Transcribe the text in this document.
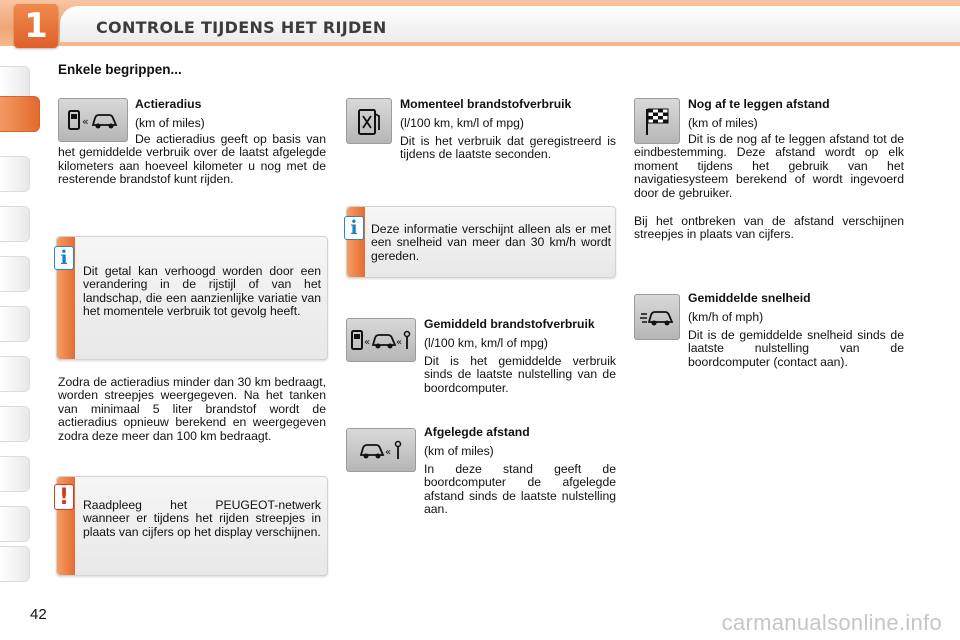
1	CONTROLE TIJDENS HET RIJDEN
Enkele begrippen...
«
Actieradius
(km of miles)
De actieradius geeft op basis van het gemiddelde verbruik over de laatst afgelegde kilometers aan hoeveel kilometer u nog met de resterende brandstof kunt rijden.
Dit getal kan verhoogd worden door een verandering in de rijstijl of van het landschap, die een aanzienlijke variatie van het momentele verbruik tot gevolg heeft.
i
Zodra de actieradius minder dan 30 km bedraagt, worden streepjes weergegeven. Na het tanken van minimaal 5 liter brandstof wordt de actieradius opnieuw berekend en weergegeven zodra deze meer dan 100 km bedraagt.
Raadpleeg het PEUGEOT-netwerk wanneer er tijdens het rijden streepjes in plaats van cijfers op het display verschijnen.
!
Momenteel brandstofverbruik
(l/100 km, km/l of mpg)
Dit is het verbruik dat geregistreerd is tijdens de laatste seconden.
Deze informatie verschijnt alleen als er met een snelheid van meer dan 30 km/h wordt gereden.
i
«	«
Gemiddeld brandstofverbruik
(l/100 km, km/l of mpg)
Dit is het gemiddelde verbruik sinds de laatste nulstelling van de boordcomputer.
«
Afgelegde afstand
(km of miles)
In deze stand geeft de boordcomputer de afgelegde afstand sinds de laatste nulstelling aan.
Nog af te leggen afstand
(km of miles)
Dit is de nog af te leggen afstand tot de eindbestemming. Deze afstand wordt op elk moment tijdens het gebruik van het navigatiesysteem berekend of wordt ingevoerd door de gebruiker.
Bij het ontbreken van de afstand verschijnen streepjes in plaats van cijfers.
Gemiddelde snelheid
(km/h of mph)
Dit is de gemiddelde snelheid sinds de laatste nulstelling van de boordcomputer (contact aan).
42	carmanualsonline.info
